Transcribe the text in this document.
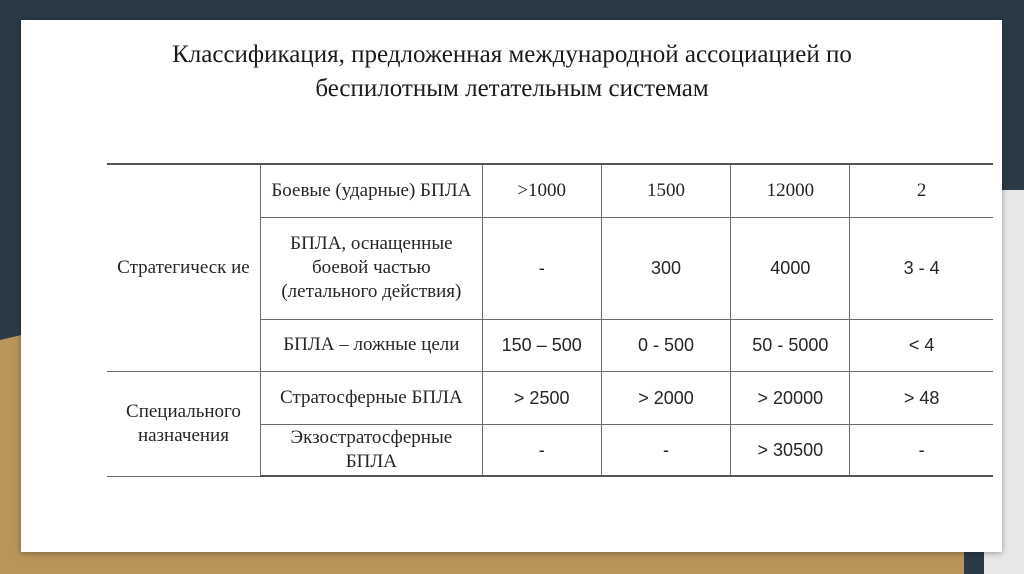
Классификация, предложенная международной ассоциацией по
беспилотным летательным системам
Стратегическ ие	Боевые (ударные) БПЛА	>1000	1500	12000	2
	БПЛА, оснащенные боевой частью (летального действия)	-	300	4000	3 - 4
	БПЛА – ложные цели	150 – 500	0 - 500	50 - 5000	< 4
Специального назначения	Стратосферные БПЛА	> 2500	> 2000	> 20000	> 48
	Экзостратосферные БПЛА	-	-	> 30500	-
